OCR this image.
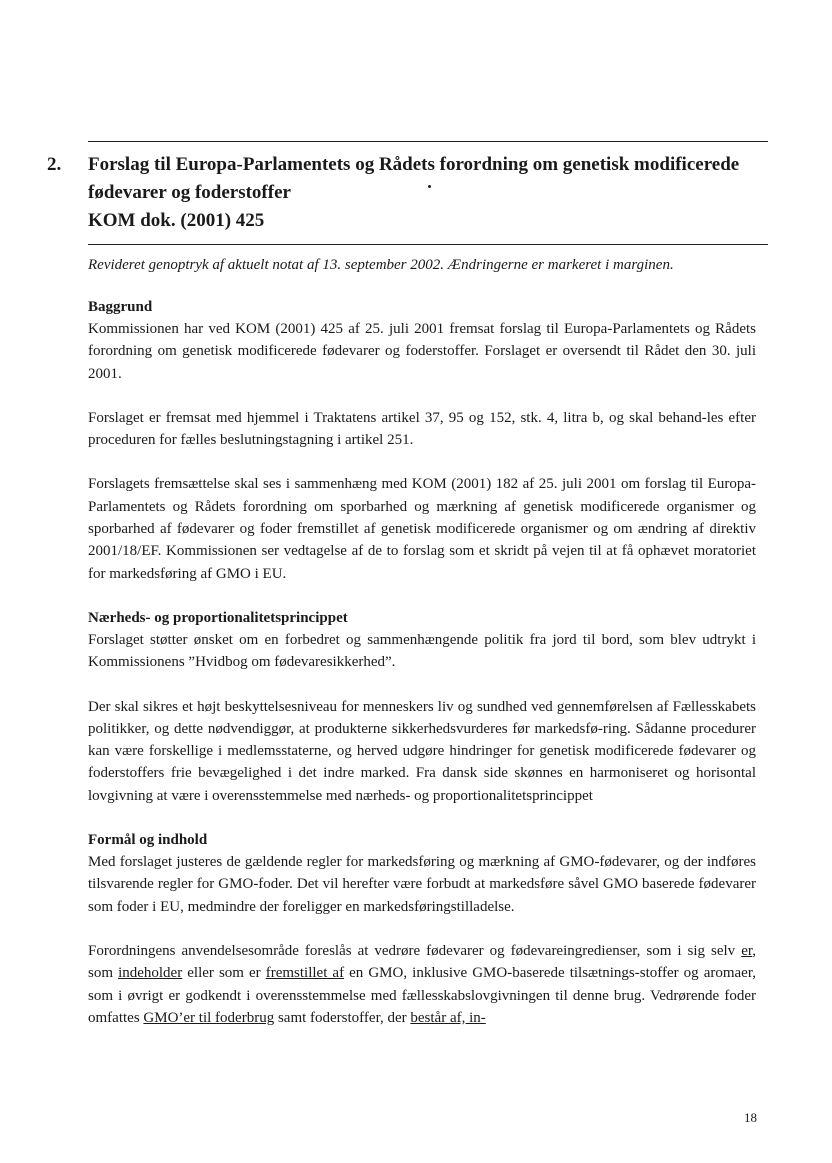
2. Forslag til Europa-Parlamentets og Rådets forordning om genetisk modificerede
fødevarer og foderstoffer
KOM dok. (2001) 425
Revideret genoptryk af aktuelt notat af 13. september 2002. Ændringerne er markeret i marginen.

Baggrund

Kommissionen har ved KOM (2001) 425 af 25. juli 2001 fremsat forslag til Europa-Parlamentets og Rådets forordning om genetisk modificerede fødevarer og foderstoffer. Forslaget er oversendt til Rådet den 30. juli 2001.

Forslaget er fremsat med hjemmel i Traktatens artikel 37, 95 og 152, stk. 4, litra b, og skal behand-les efter proceduren for fælles beslutningstagning i artikel 251.

Forslagets fremsættelse skal ses i sammenhæng med KOM (2001) 182 af 25. juli 2001 om forslag til Europa-Parlamentets og Rådets forordning om sporbarhed og mærkning af genetisk modificerede organismer og sporbarhed af fødevarer og foder fremstillet af genetisk modificerede organismer og om ændring af direktiv 2001/18/EF. Kommissionen ser vedtagelse af de to forslag som et skridt på vejen til at få ophævet moratoriet for markedsføring af GMO i EU.

Nærheds- og proportionalitetsprincippet

Forslaget støtter ønsket om en forbedret og sammenhængende politik fra jord til bord, som blev udtrykt i Kommissionens ”Hvidbog om fødevaresikkerhed”.

Der skal sikres et højt beskyttelsesniveau for menneskers liv og sundhed ved gennemførelsen af Fællesskabets politikker, og dette nødvendiggør, at produkterne sikkerhedsvurderes før markedsfø-ring. Sådanne procedurer kan være forskellige i medlemsstaterne, og herved udgøre hindringer for genetisk modificerede fødevarer og foderstoffers frie bevægelighed i det indre marked. Fra dansk side skønnes en harmoniseret og horisontal lovgivning at være i overensstemmelse med nærheds- og proportionalitetsprincippet

Formål og indhold

Med forslaget justeres de gældende regler for markedsføring og mærkning af GMO-fødevarer, og der indføres tilsvarende regler for GMO-foder. Det vil herefter være forbudt at markedsføre såvel GMO baserede fødevarer som foder i EU, medmindre der foreligger en markedsføringstilladelse.

Forordningens anvendelsesområde foreslås at vedrøre fødevarer og fødevareingredienser, som i sig selv er, som indeholder eller som er fremstillet af en GMO, inklusive GMO-baserede tilsætnings-stoffer og aromaer, som i øvrigt er godkendt i overensstemmelse med fællesskabslovgivningen til denne brug. Vedrørende foder omfattes GMO’er til foderbrug samt foderstoffer, der består af, in-

18
